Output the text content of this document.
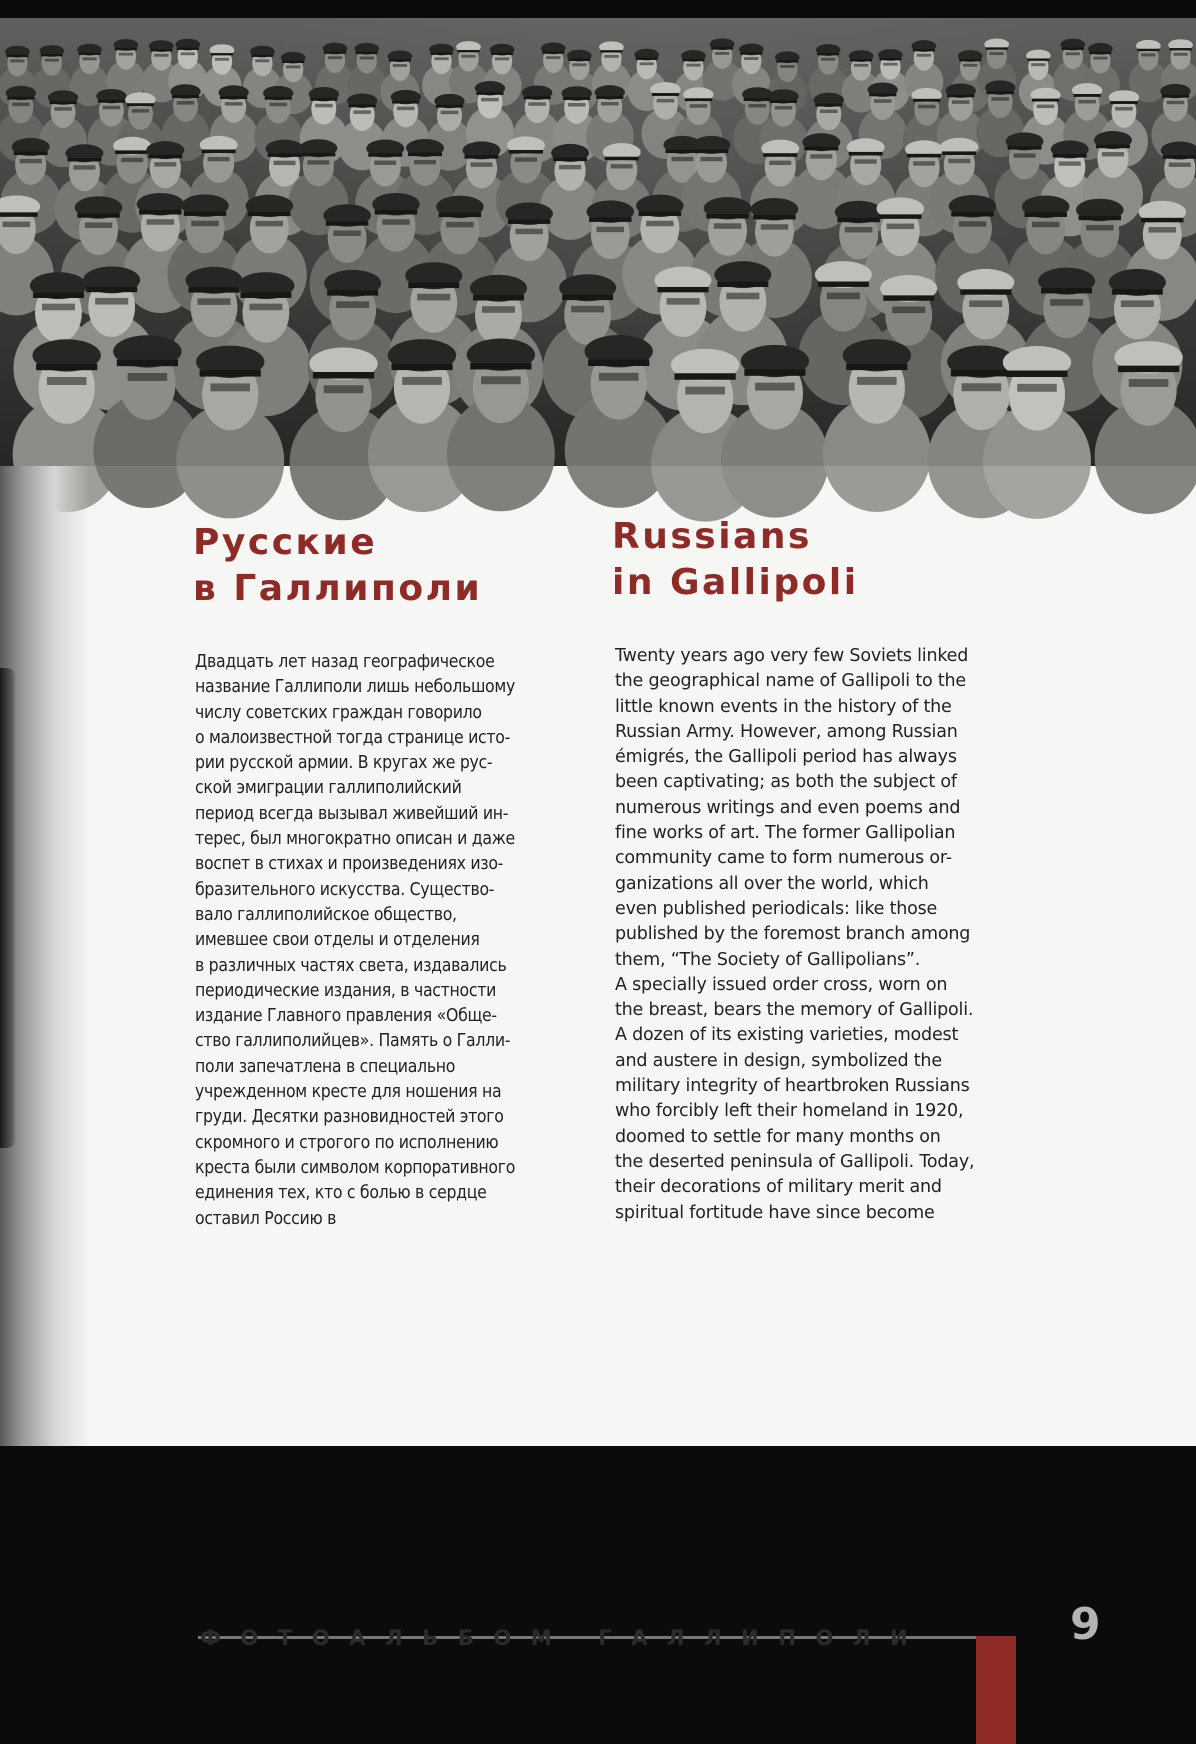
Русские
в Галлиполи
Russians
in Gallipoli
Двадцать лет назад географическое
название Галлиполи лишь небольшому
числу советских граждан говорило
о малоизвестной тогда странице исто-
рии русской армии. В кругах же рус-
ской эмиграции галлиполийский
период всегда вызывал живейший ин-
терес, был многократно описан и даже
воспет в стихах и произведениях изо-
бразительного искусства. Существо-
вало галлиполийское общество,
имевшее свои отделы и отделения
в различных частях света, издавались
периодические издания, в частности
издание Главного правления «Обще-
ство галлиполийцев». Память о Галли-
поли запечатлена в специально
учрежденном кресте для ношения на
груди. Десятки разновидностей этого
скромного и строгого по исполнению
креста были символом корпоративного
единения тех, кто с болью в сердце
оставил Россию в
Twenty years ago very few Soviets linked
the geographical name of Gallipoli to the
little known events in the history of the
Russian Army. However, among Russian
émigrés, the Gallipoli period has always
been captivating; as both the subject of
numerous writings and even poems and
fine works of art. The former Gallipolian
community came to form numerous or-
ganizations all over the world, which
even published periodicals: like those
published by the foremost branch among
them, “The Society of Gallipolians”.
A specially issued order cross, worn on
the breast, bears the memory of Gallipoli.
A dozen of its existing varieties, modest
and austere in design, symbolized the
military integrity of heartbroken Russians
who forcibly left their homeland in 1920,
doomed to settle for many months on
the deserted peninsula of Gallipoli. Today,
their decorations of military merit and
spiritual fortitude have since become
ФОТОАЛЬБОМ ГАЛЛИПОЛИ	9
